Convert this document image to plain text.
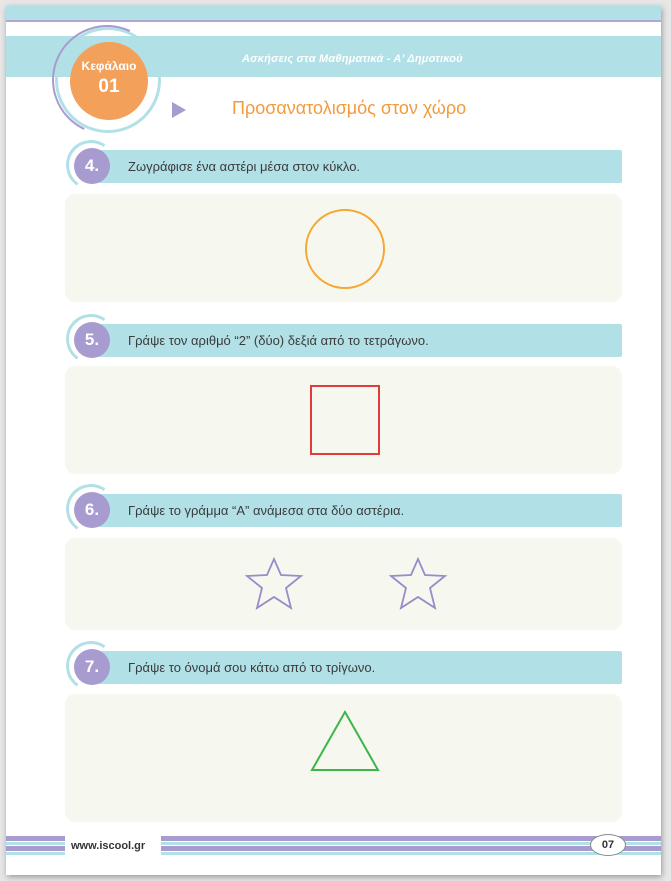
Ασκήσεις στα Μαθηματικά - Α' Δημοτικού
Κεφάλαιο
01
Προσανατολισμός στον χώρο
Ζωγράφισε ένα αστέρι μέσα στον κύκλο.
4.
Γράψε τον αριθμό “2” (δύο) δεξιά από το τετράγωνο.
5.
Γράψε το γράμμα “Α” ανάμεσα στα δύο αστέρια.
6.
Γράψε το όνομά σου κάτω από το τρίγωνο.
7.
www.iscool.gr	07
